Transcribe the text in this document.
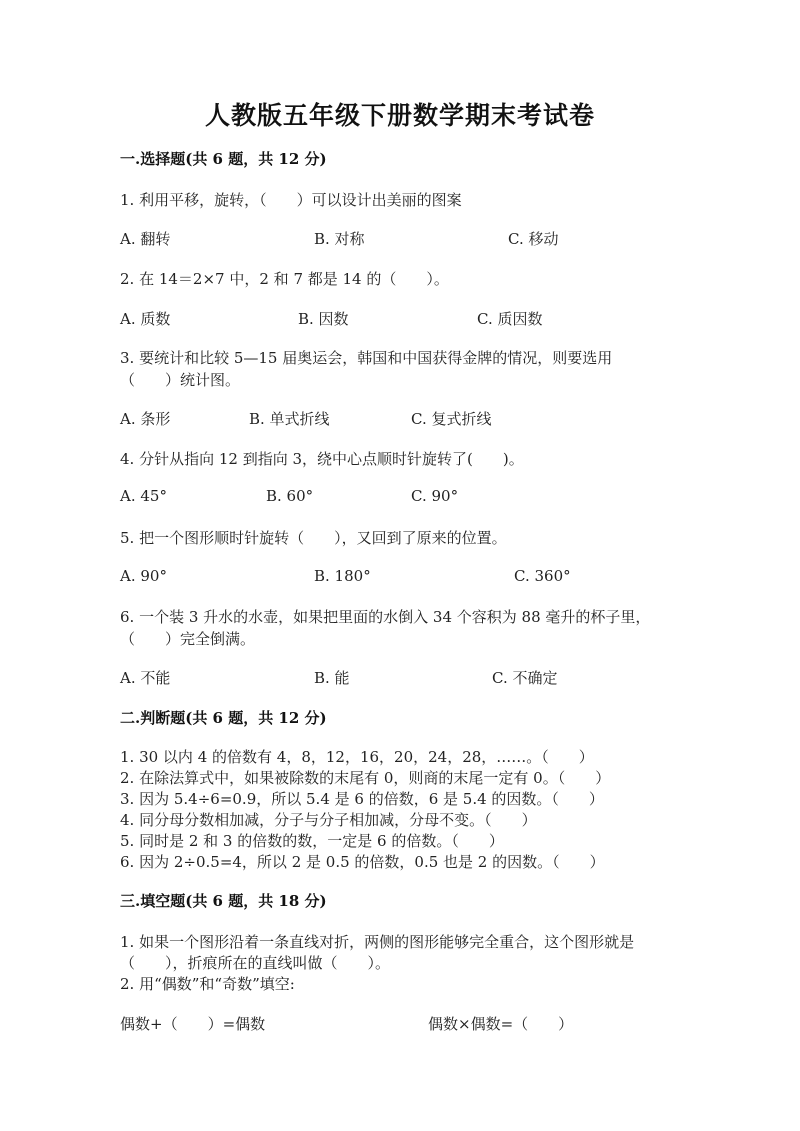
人教版五年级下册数学期末考试卷
一.选择题(共 6 题，共 12 分)
1. 利用平移，旋转，（　　）可以设计出美丽的图案
A. 翻转	B. 对称	C. 移动
2. 在 14＝2×7 中，2 和 7 都是 14 的（　　）。
A. 质数	B. 因数	C. 质因数
3. 要统计和比较 5—15 届奥运会，韩国和中国获得金牌的情况，则要选用
（　　）统计图。
A. 条形	B. 单式折线	C. 复式折线
4. 分针从指向 12 到指向 3，绕中心点顺时针旋转了(　　)。
A. 45°	B. 60°	C. 90°
5. 把一个图形顺时针旋转（　　），又回到了原来的位置。
A. 90°	B. 180°	C. 360°
6. 一个装 3 升水的水壶，如果把里面的水倒入 34 个容积为 88 毫升的杯子里，
（　　）完全倒满。
A. 不能	B. 能	C. 不确定
二.判断题(共 6 题，共 12 分)
1. 30 以内 4 的倍数有 4，8，12，16，20，24，28，……。（　　）
2. 在除法算式中，如果被除数的末尾有 0，则商的末尾一定有 0。（　　）
3. 因为 5.4÷6=0.9，所以 5.4 是 6 的倍数，6 是 5.4 的因数。（　　）
4. 同分母分数相加减，分子与分子相加减，分母不变。（　　）
5. 同时是 2 和 3 的倍数的数，一定是 6 的倍数。（　　）
6. 因为 2÷0.5=4，所以 2 是 0.5 的倍数，0.5 也是 2 的因数。（　　）
三.填空题(共 6 题，共 18 分)
1. 如果一个图形沿着一条直线对折，两侧的图形能够完全重合，这个图形就是
（　　），折痕所在的直线叫做（　　）。
2. 用“偶数”和“奇数”填空:
偶数+（　　）=偶数	偶数×偶数=（　　）
